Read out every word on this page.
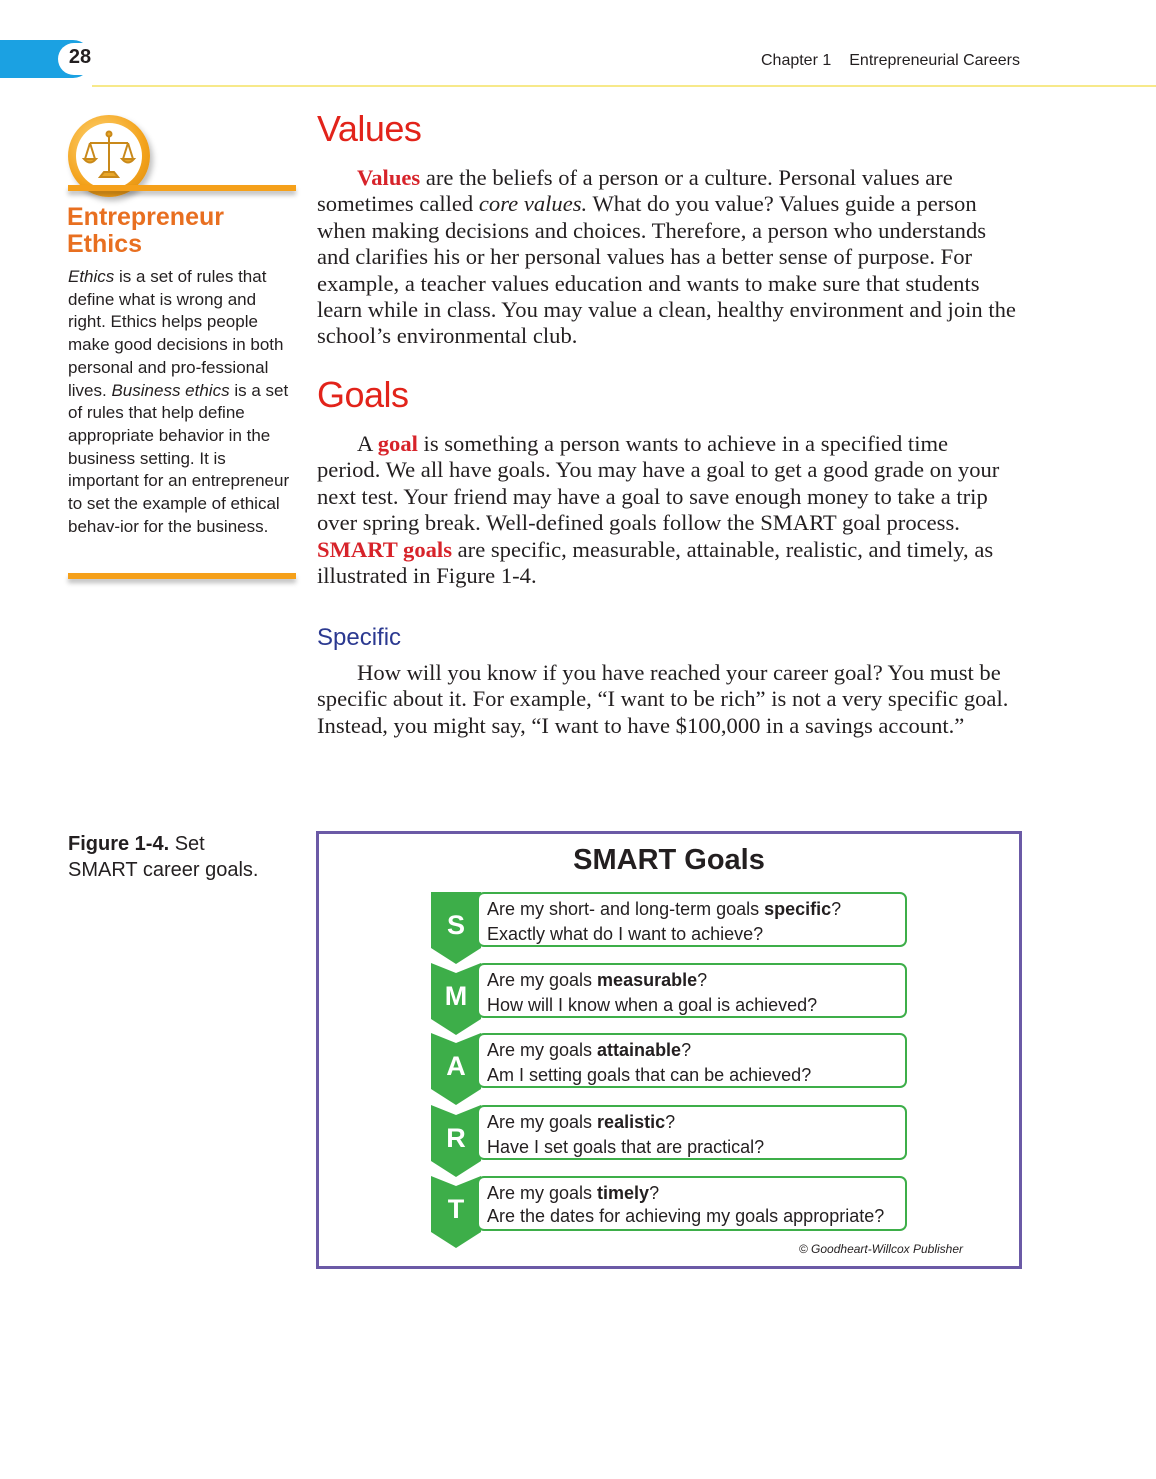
28	Chapter 1 Entrepreneurial Careers
Entrepreneur
Ethics
Ethics is a set of rules that define what is wrong and right. Ethics helps people make good decisions in both personal and pro-fessional lives. Business ethics is a set of rules that help define appropriate behavior in the business setting. It is important for an entrepreneur to set the example of ethical behav-ior for the business.
Values
Values are the beliefs of a person or a culture. Personal values are sometimes called core values. What do you value? Values guide a person when making decisions and choices. Therefore, a person who understands and clarifies his or her personal values has a better sense of purpose. For example, a teacher values education and wants to make sure that students learn while in class. You may value a clean, healthy environment and join the school’s environmental club.
Goals
A goal is something a person wants to achieve in a specified time period. We all have goals. You may have a goal to get a good grade on your next test. Your friend may have a goal to save enough money to take a trip over spring break. Well-defined goals follow the SMART goal process. SMART goals are specific, measurable, attainable, realistic, and timely, as illustrated in Figure 1-4.
Specific
How will you know if you have reached your career goal? You must be specific about it. For example, “I want to be rich” is not a very specific goal. Instead, you might say, “I want to have $100,000 in a savings account.”
Figure 1-4. Set SMART career goals.	SMART Goals
S
Are my short- and long-term goals specific?
Exactly what do I want to achieve?
M
Are my goals measurable?
How will I know when a goal is achieved?
A
Are my goals attainable?
Am I setting goals that can be achieved?
R
Are my goals realistic?
Have I set goals that are practical?
T
Are my goals timely?
Are the dates for achieving my goals appropriate?
© Goodheart-Willcox Publisher
